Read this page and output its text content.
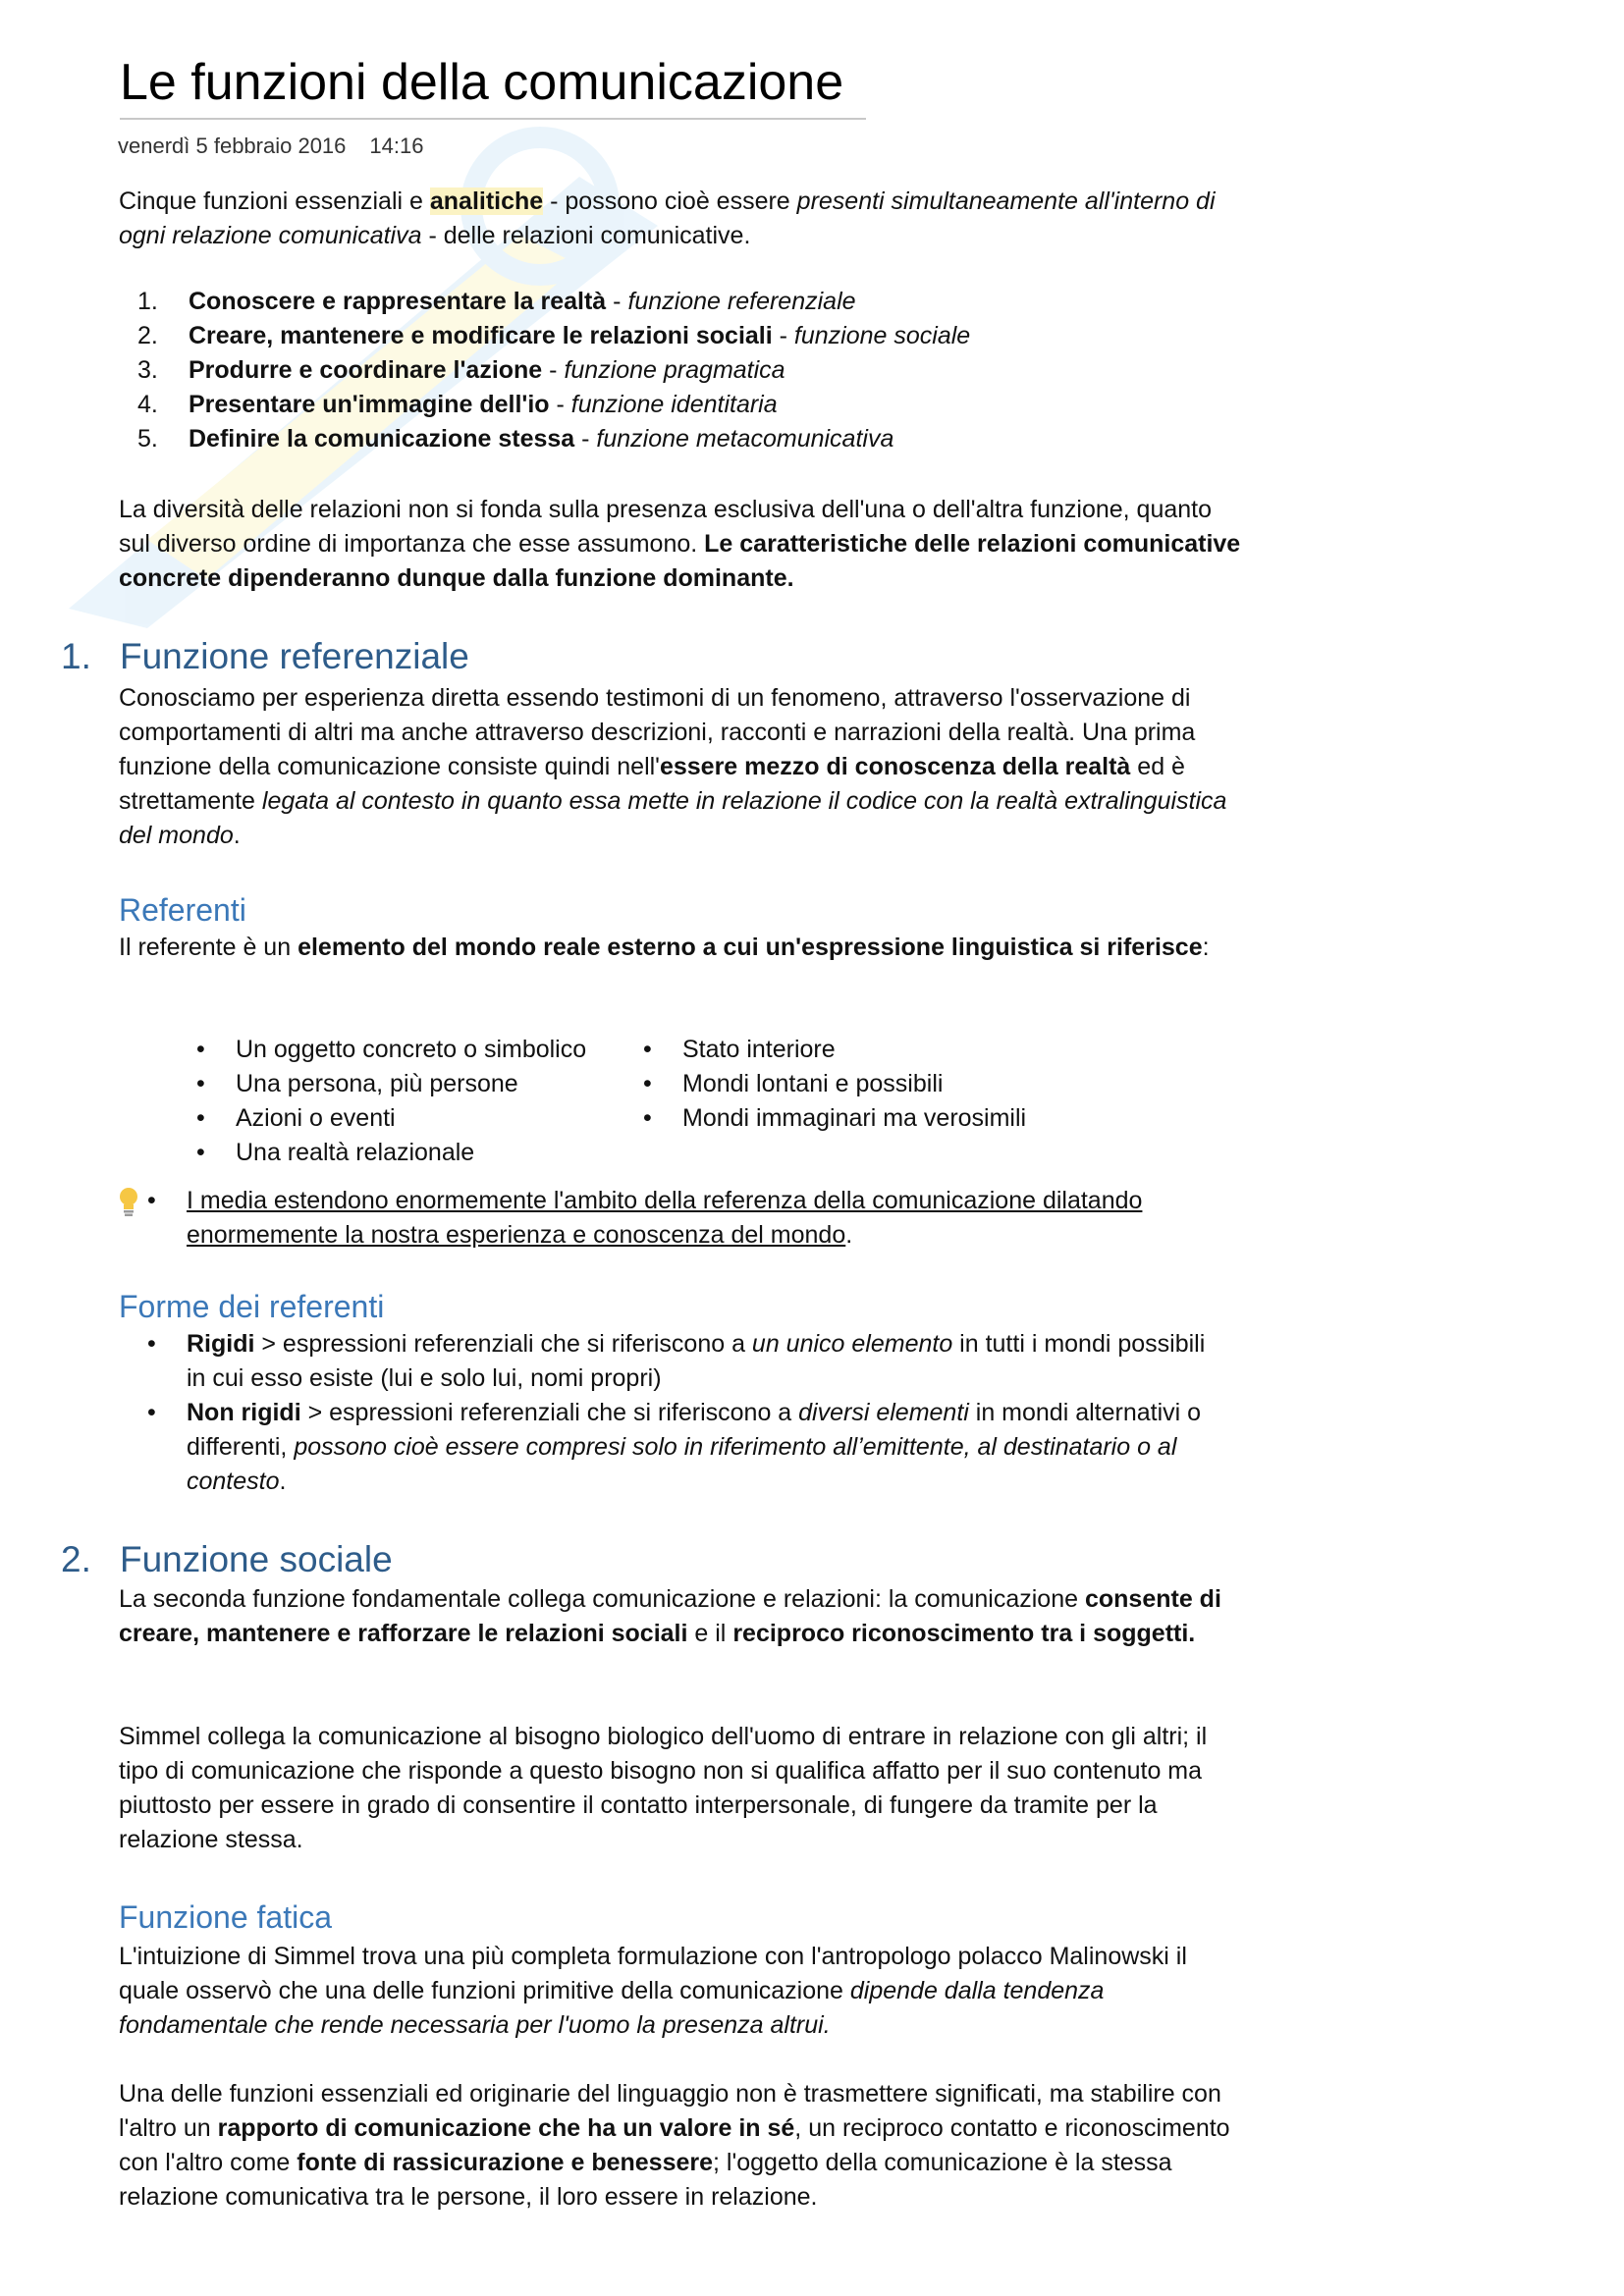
Le funzioni della comunicazione
venerdì 5 febbraio 2016 14:16

Cinque funzioni essenziali e analitiche - possono cioè essere presenti simultaneamente all'interno di ogni relazione comunicativa - delle relazioni comunicative.

1.	Conoscere e rappresentare la realtà - funzione referenziale
2.	Creare, mantenere e modificare le relazioni sociali - funzione sociale
3.	Produrre e coordinare l'azione - funzione pragmatica
4.	Presentare un'immagine dell'io - funzione identitaria
5.	Definire la comunicazione stessa - funzione metacomunicativa

La diversità delle relazioni non si fonda sulla presenza esclusiva dell'una o dell'altra funzione, quanto sul diverso ordine di importanza che esse assumono. Le caratteristiche delle relazioni comunicative concrete dipenderanno dunque dalla funzione dominante.

1. Funzione referenziale

Conosciamo per esperienza diretta essendo testimoni di un fenomeno, attraverso l'osservazione di comportamenti di altri ma anche attraverso descrizioni, racconti e narrazioni della realtà. Una prima funzione della comunicazione consiste quindi nell'essere mezzo di conoscenza della realtà ed è strettamente legata al contesto in quanto essa mette in relazione il codice con la realtà extralinguistica del mondo.

Referenti

Il referente è un elemento del mondo reale esterno a cui un'espressione linguistica si riferisce:

•	Un oggetto concreto o simbolico
•	Una persona, più persone
•	Azioni o eventi
•	Una realtà relazionale
•	Stato interiore
•	Mondi lontani e possibili
•	Mondi immaginari ma verosimili
•	I media estendono enormemente l'ambito della referenza della comunicazione dilatando enormemente la nostra esperienza e conoscenza del mondo.
Forme dei referenti
•	Rigidi > espressioni referenziali che si riferiscono a un unico elemento in tutti i mondi possibili in cui esso esiste (lui e solo lui, nomi propri)
•	Non rigidi > espressioni referenziali che si riferiscono a diversi elementi in mondi alternativi o differenti, possono cioè essere compresi solo in riferimento all’emittente, al destinatario o al contesto.
2. Funzione sociale

La seconda funzione fondamentale collega comunicazione e relazioni: la comunicazione consente di creare, mantenere e rafforzare le relazioni sociali e il reciproco riconoscimento tra i soggetti.

Simmel collega la comunicazione al bisogno biologico dell'uomo di entrare in relazione con gli altri; il tipo di comunicazione che risponde a questo bisogno non si qualifica affatto per il suo contenuto ma piuttosto per essere in grado di consentire il contatto interpersonale, di fungere da tramite per la relazione stessa.

Funzione fatica

L'intuizione di Simmel trova una più completa formulazione con l'antropologo polacco Malinowski il quale osservò che una delle funzioni primitive della comunicazione dipende dalla tendenza fondamentale che rende necessaria per l'uomo la presenza altrui.

Una delle funzioni essenziali ed originarie del linguaggio non è trasmettere significati, ma stabilire con l'altro un rapporto di comunicazione che ha un valore in sé, un reciproco contatto e riconoscimento con l'altro come fonte di rassicurazione e benessere; l'oggetto della comunicazione è la stessa relazione comunicativa tra le persone, il loro essere in relazione.
